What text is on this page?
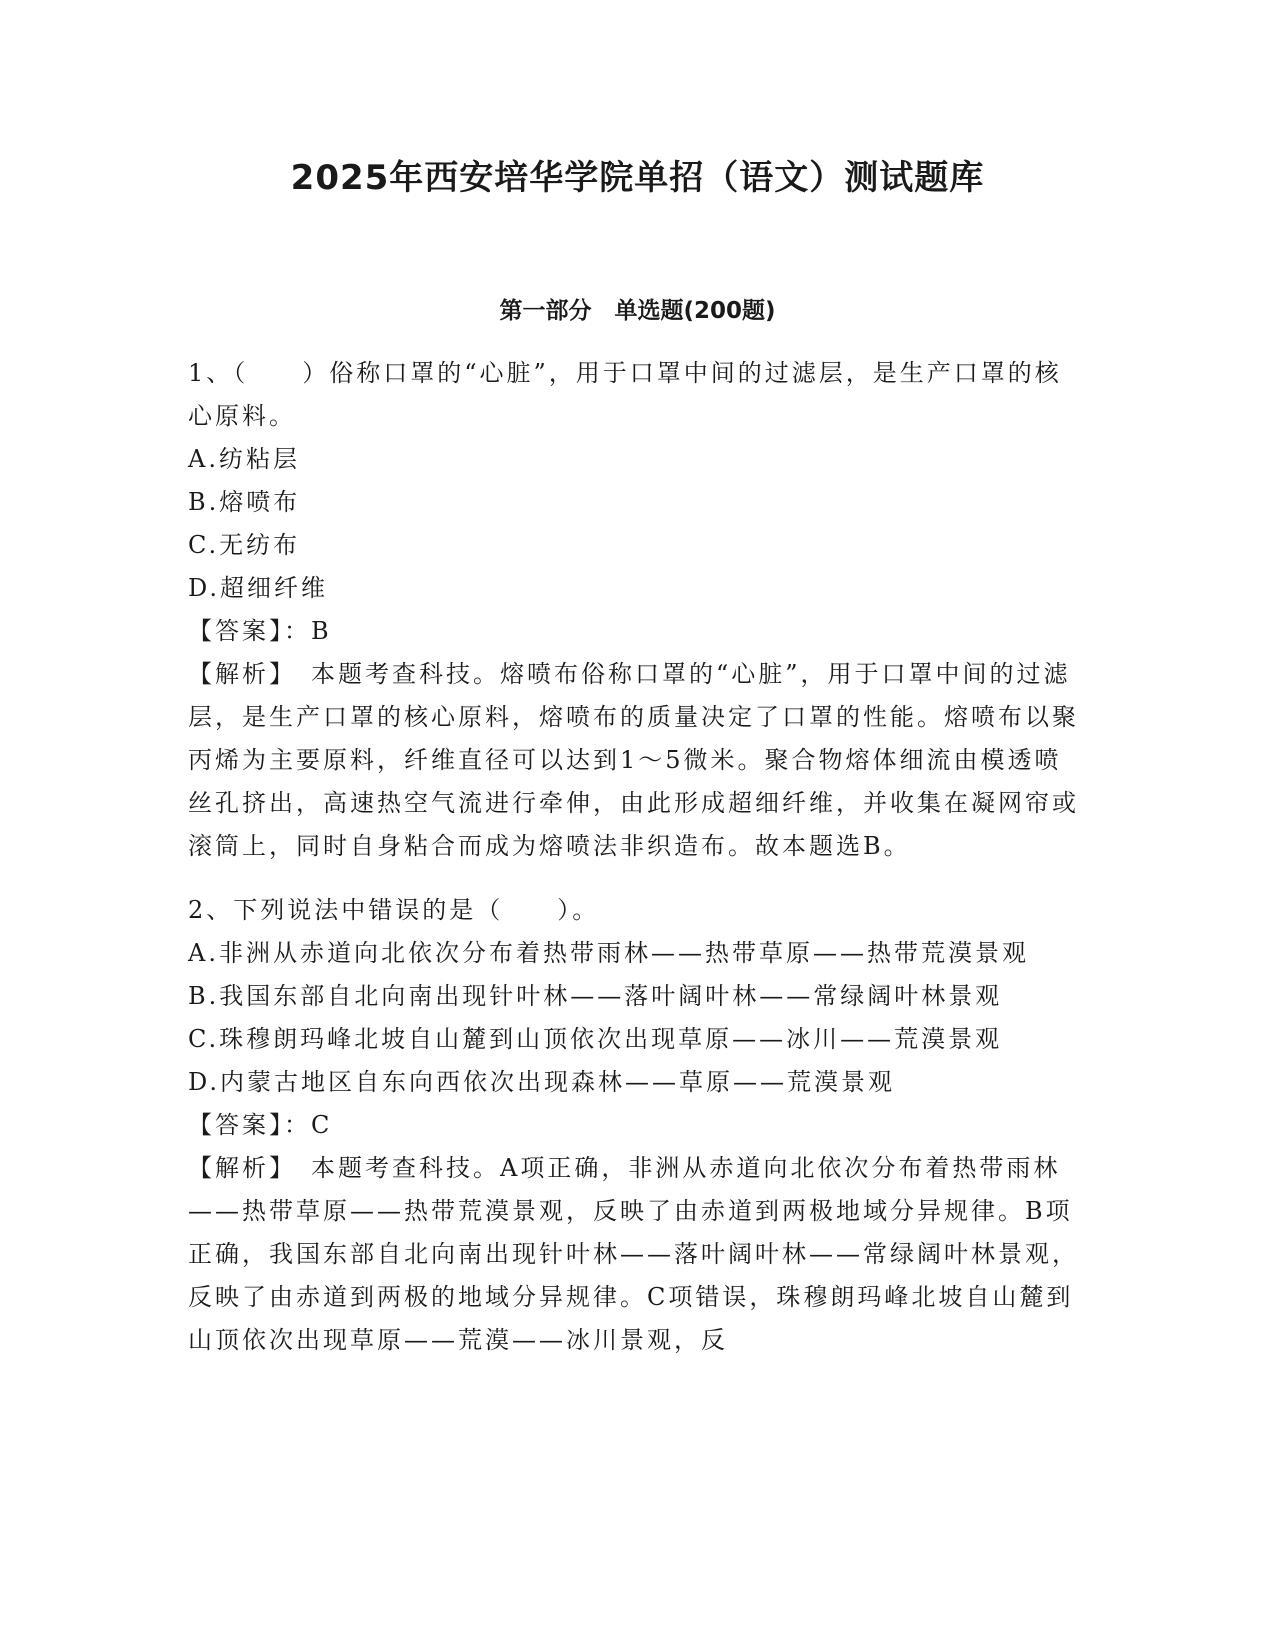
2025年西安培华学院单招（语文）测试题库
第一部分　单选题(200题)
1、（　　）俗称口罩的“心脏”，用于口罩中间的过滤层，是生产口罩的核心原料。
A.纺粘层
B.熔喷布
C.无纺布
D.超细纤维
【答案】：B
【解析】　本题考查科技。熔喷布俗称口罩的“心脏”，用于口罩中间的过滤层，是生产口罩的核心原料，熔喷布的质量决定了口罩的性能。熔喷布以聚丙烯为主要原料，纤维直径可以达到1～5微米。聚合物熔体细流由模透喷丝孔挤出，高速热空气流进行牵伸，由此形成超细纤维，并收集在凝网帘或滚筒上，同时自身粘合而成为熔喷法非织造布。故本题选B。
2、下列说法中错误的是（　　）。
A.非洲从赤道向北依次分布着热带雨林——热带草原——热带荒漠景观
B.我国东部自北向南出现针叶林——落叶阔叶林——常绿阔叶林景观
C.珠穆朗玛峰北坡自山麓到山顶依次出现草原——冰川——荒漠景观
D.内蒙古地区自东向西依次出现森林——草原——荒漠景观
【答案】：C
【解析】　本题考查科技。A项正确，非洲从赤道向北依次分布着热带雨林——热带草原——热带荒漠景观，反映了由赤道到两极地域分异规律。B项正确，我国东部自北向南出现针叶林——落叶阔叶林——常绿阔叶林景观，反映了由赤道到两极的地域分异规律。C项错误，珠穆朗玛峰北坡自山麓到山顶依次出现草原——荒漠——冰川景观，反
